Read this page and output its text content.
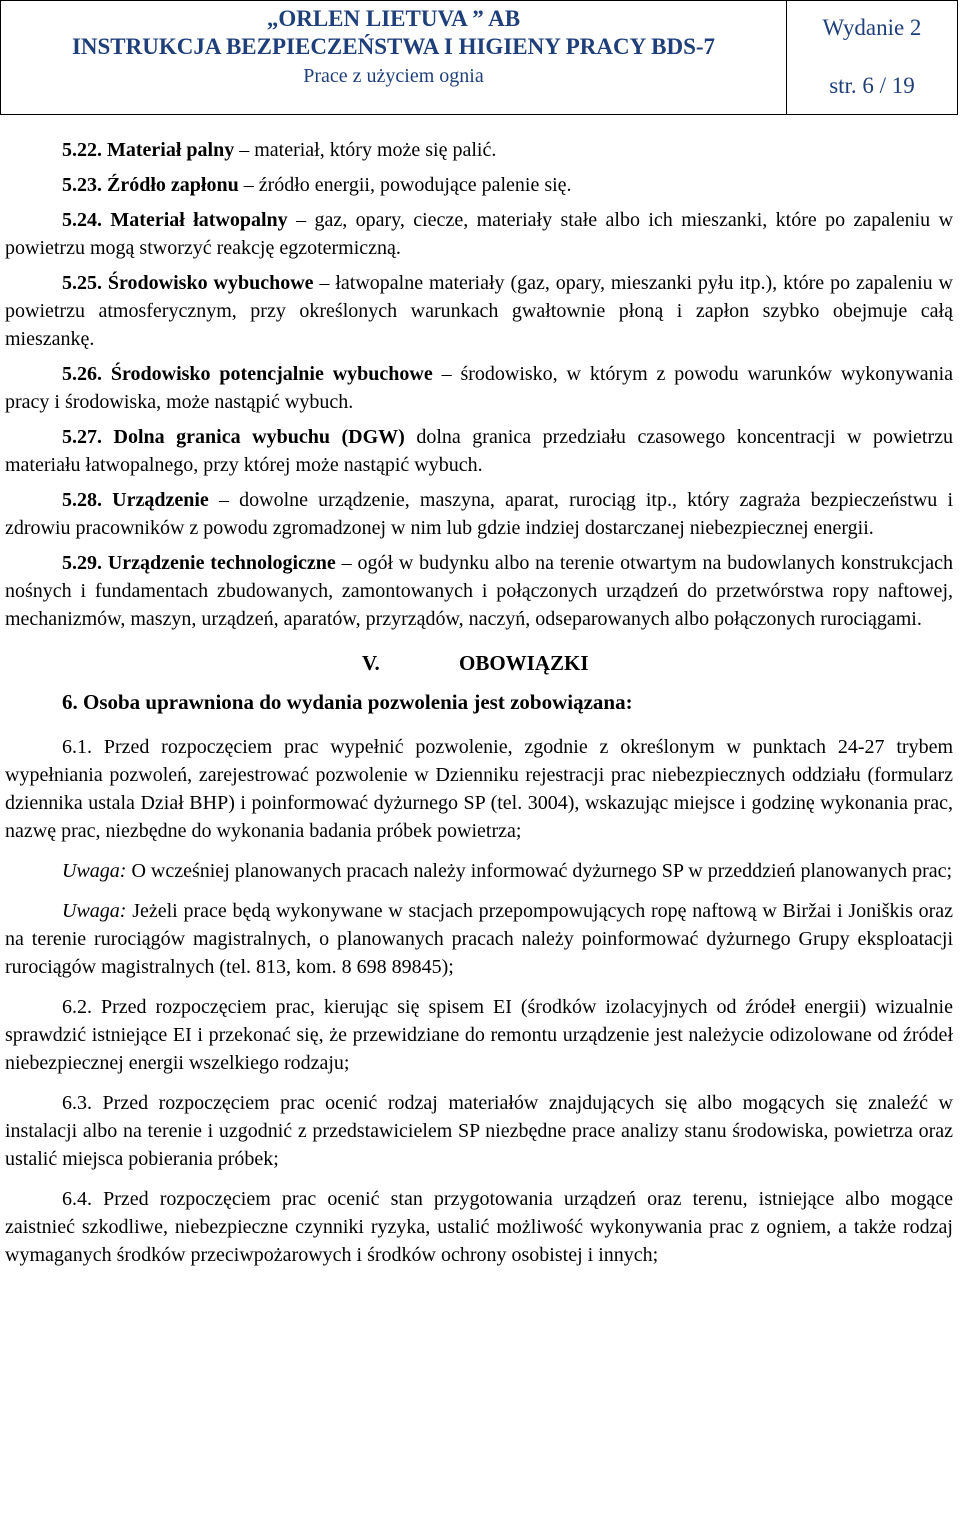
„ORLEN LIETUVA ” AB
INSTRUKCJA BEZPIECZEŃSTWA I HIGIENY PRACY BDS-7
Prace z użyciem ognia
Wydanie 2
str. 6 / 19

5.22. Materiał palny – materiał, który może się palić.

5.23. Źródło zapłonu – źródło energii, powodujące palenie się.

5.24. Materiał łatwopalny – gaz, opary, ciecze, materiały stałe albo ich mieszanki, które po zapaleniu w powietrzu mogą stworzyć reakcję egzotermiczną.

5.25. Środowisko wybuchowe – łatwopalne materiały (gaz, opary, mieszanki pyłu itp.), które po zapaleniu w powietrzu atmosferycznym, przy określonych warunkach gwałtownie płoną i zapłon szybko obejmuje całą mieszankę.

5.26. Środowisko potencjalnie wybuchowe – środowisko, w którym z powodu warunków wykonywania pracy i środowiska, może nastąpić wybuch.

5.27. Dolna granica wybuchu (DGW) dolna granica przedziału czasowego koncentracji w powietrzu materiału łatwopalnego, przy której może nastąpić wybuch.

5.28. Urządzenie – dowolne urządzenie, maszyna, aparat, rurociąg itp., który zagraża bezpieczeństwu i zdrowiu pracowników z powodu zgromadzonej w nim lub gdzie indziej dostarczanej niebezpiecznej energii.

5.29. Urządzenie technologiczne – ogół w budynku albo na terenie otwartym na budowlanych konstrukcjach nośnych i fundamentach zbudowanych, zamontowanych i połączonych urządzeń do przetwórstwa ropy naftowej, mechanizmów, maszyn, urządzeń, aparatów, przyrządów, naczyń, odseparowanych albo połączonych rurociągami.

V.	OBOWIĄZKI
6. Osoba uprawniona do wydania pozwolenia jest zobowiązana:

6.1. Przed rozpoczęciem prac wypełnić pozwolenie, zgodnie z określonym w punktach 24-27 trybem wypełniania pozwoleń, zarejestrować pozwolenie w Dzienniku rejestracji prac niebezpiecznych oddziału (formularz dziennika ustala Dział BHP) i poinformować dyżurnego SP (tel. 3004), wskazując miejsce i godzinę wykonania prac, nazwę prac, niezbędne do wykonania badania próbek powietrza;

Uwaga: O wcześniej planowanych pracach należy informować dyżurnego SP w przeddzień planowanych prac;

Uwaga: Jeżeli prace będą wykonywane w stacjach przepompowujących ropę naftową w Biržai i Joniškis oraz na terenie rurociągów magistralnych, o planowanych pracach należy poinformować dyżurnego Grupy eksploatacji rurociągów magistralnych (tel. 813, kom. 8 698 89845);

6.2. Przed rozpoczęciem prac, kierując się spisem EI (środków izolacyjnych od źródeł energii) wizualnie sprawdzić istniejące EI i przekonać się, że przewidziane do remontu urządzenie jest należycie odizolowane od źródeł niebezpiecznej energii wszelkiego rodzaju;

6.3. Przed rozpoczęciem prac ocenić rodzaj materiałów znajdujących się albo mogących się znaleźć w instalacji albo na terenie i uzgodnić z przedstawicielem SP niezbędne prace analizy stanu środowiska, powietrza oraz ustalić miejsca pobierania próbek;

6.4. Przed rozpoczęciem prac ocenić stan przygotowania urządzeń oraz terenu, istniejące albo mogące zaistnieć szkodliwe, niebezpieczne czynniki ryzyka, ustalić możliwość wykonywania prac z ogniem, a także rodzaj wymaganych środków przeciwpożarowych i środków ochrony osobistej i innych;
